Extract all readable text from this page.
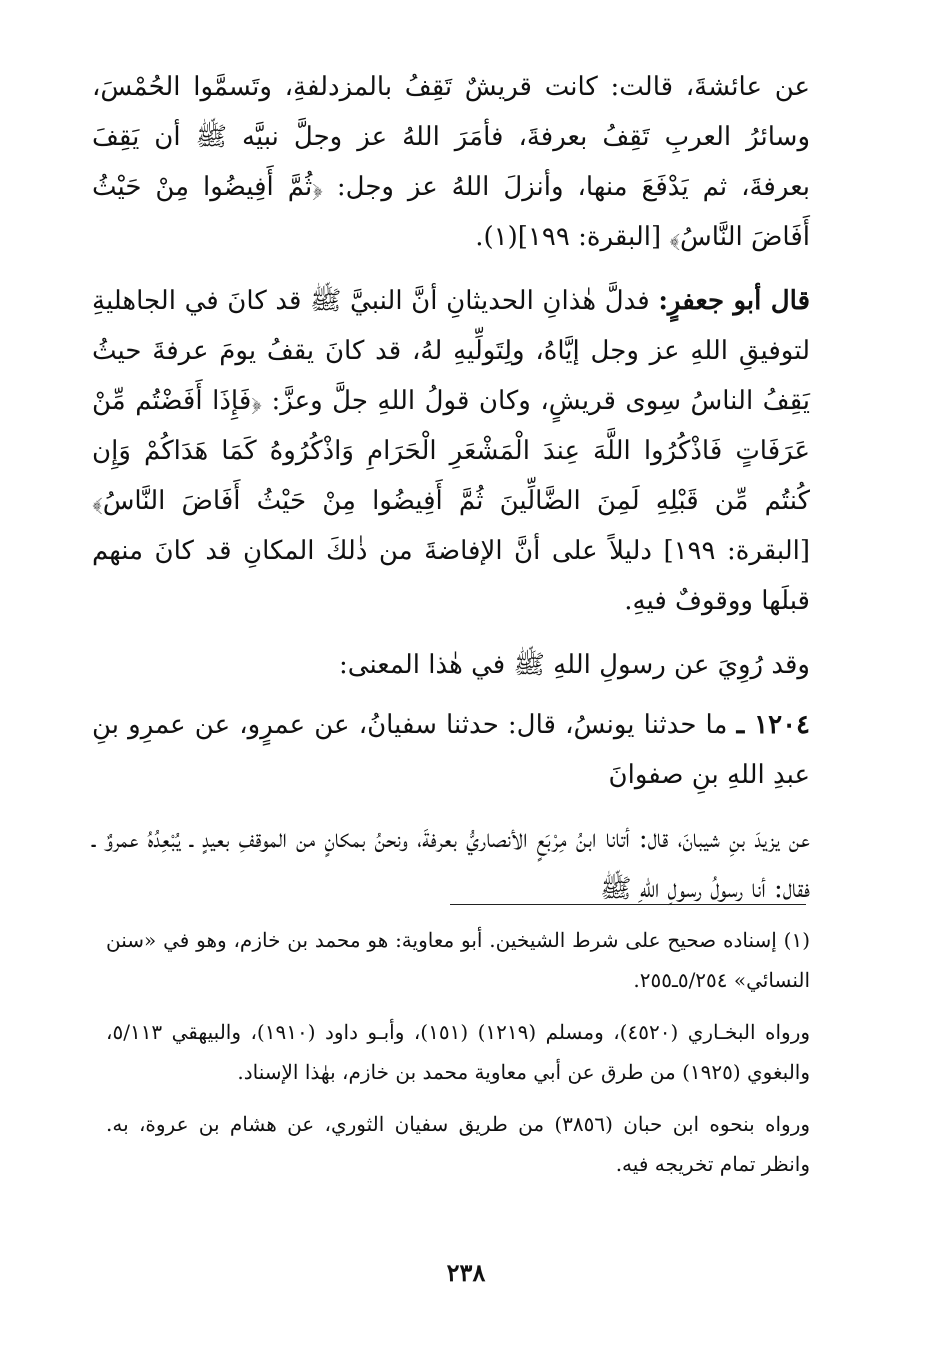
عن عائشةَ، قالت: كانت قريشٌ تَقِفُ بالمزدلفةِ، وتَسمَّوا الحُمْسَ، وسائرُ العربِ تَقِفُ بعرفةَ، فأمَرَ اللهُ عز وجلَّ نبيَّه ﷺ أن يَقِفَ بعرفةَ، ثم يَدْفَعَ منها، وأنزلَ اللهُ عز وجل: ﴿ثُمَّ أَفِيضُوا مِنْ حَيْثُ أَفَاضَ النَّاسُ﴾ [البقرة: ١٩٩](١).

قال أبو جعفرٍ: فدلَّ هٰذانِ الحديثانِ أنَّ النبيَّ ﷺ قد كانَ في الجاهليةِ لتوفيقِ اللهِ عز وجل إيَّاهُ، ولِتَولِّيهِ لهُ، قد كانَ يقفُ يومَ عرفةَ حيثُ يَقِفُ الناسُ سِوى قريشٍ، وكان قولُ اللهِ جلَّ وعزَّ: ﴿فَإِذَا أَفَضْتُم مِّنْ عَرَفَاتٍ فَاذْكُرُوا اللَّهَ عِندَ الْمَشْعَرِ الْحَرَامِ وَاذْكُرُوهُ كَمَا هَدَاكُمْ وَإِن كُنتُم مِّن قَبْلِهِ لَمِنَ الضَّالِّينَ ثُمَّ أَفِيضُوا مِنْ حَيْثُ أَفَاضَ النَّاسُ﴾ [البقرة: ١٩٩] دليلاً على أنَّ الإفاضةَ من ذٰلكَ المكانِ قد كانَ منهم قبلَها ووقوفٌ فيهِ.

وقد رُوِيَ عن رسولِ اللهِ ﷺ في هٰذا المعنى:

١٢٠٤ ـ ما حدثنا يونسُ، قال: حدثنا سفيانُ، عن عمرٍو، عن عمرِو بنِ عبدِ اللهِ بنِ صفوانَ

عن يزيدَ بنِ شيبانَ، قال: أتانا ابنُ مِرْبَعٍ الأنصاريُّ بعرفةَ، ونحنُ بمكانٍ من الموقفِ بعيدٍ ـ يُبْعِدُهُ عمروٌ ـ فقال: أنا رسولُ رسولِ اللهِ ﷺ

(١) إسناده صحيح على شرط الشيخين. أبو معاوية: هو محمد بن خازم، وهو في «سنن النسائي» ٥/٢٥٤ـ٢٥٥.

ورواه البخـاري (٤٥٢٠)، ومسلم (١٢١٩) (١٥١)، وأبـو داود (١٩١٠)، والبيهقي ٥/١١٣، والبغوي (١٩٢٥) من طرق عن أبي معاوية محمد بن خازم، بهٰذا الإسناد.

ورواه بنحوه ابن حبان (٣٨٥٦) من طريق سفيان الثوري، عن هشام بن عروة، به. وانظر تمام تخريجه فيه.

٢٣٨
